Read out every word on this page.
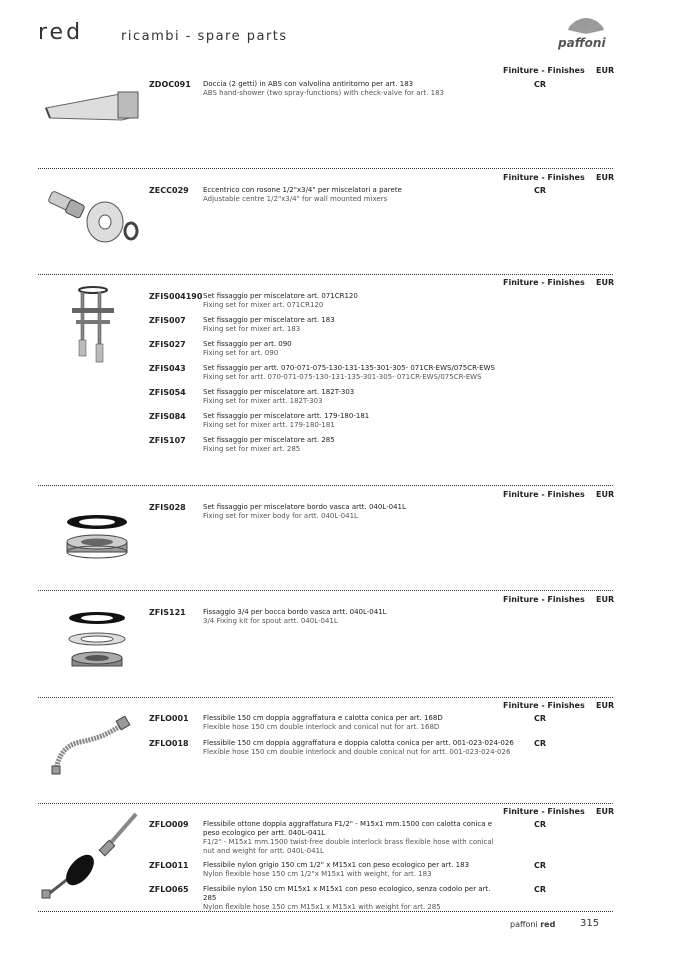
red	ricambi - spare parts	paffoni
Finiture - Finishes EUR
ZDOC091 Doccia (2 getti) in ABS con valvolina antiritorno per art. 183
ABS hand-shower (two spray-functions) with check-valve for art. 183
CR
Finiture - Finishes EUR
ZECC029 Eccentrico con rosone 1/2"x3/4" per miscelatori a parete
Adjustable centre 1/2"x3/4" for wall mounted mixers
CR
Finiture - Finishes EUR
ZFIS004190 Set fissaggio per miscelatore art. 071CR120
Fixing set for mixer art. 071CR120
ZFIS007 Set fissaggio per miscelatore art. 183
Fixing set for mixer art. 183
ZFIS027 Set fissaggio per art. 090
Fixing set for art. 090
ZFIS043 Set fissaggio per artt. 070-071-075-130-131-135-301-305- 071CR-EWS/075CR-EWS
Fixing set for artt. 070-071-075-130-131-135-301-305- 071CR-EWS/075CR-EWS
ZFIS054 Set fissaggio per miscelatore art. 182T-303
Fixing set for mixer artt. 182T-303
ZFIS084 Set fissaggio per miscelatore artt. 179-180-181
Fixing set for mixer artt. 179-180-181
ZFIS107 Set fissaggio per miscelatore art. 285
Fixing set for mixer art. 285
Finiture - Finishes EUR
ZFIS028 Set fissaggio per miscelatore bordo vasca artt. 040L-041L
Fixing set for mixer body for artt. 040L-041L
Finiture - Finishes EUR
ZFIS121 Fissaggio 3/4 per bocca bordo vasca artt. 040L-041L
3/4 Fixing kit for spout artt. 040L-041L
Finiture - Finishes EUR
ZFLO001 Flessibile 150 cm doppia aggraffatura e calotta conica per art. 168D
Flexible hose 150 cm double interlock and conical nut for art. 168D
CR
ZFLO018 Flessibile 150 cm doppia aggraffatura e doppia calotta conica per artt. 001-023-024-026
Flexible hose 150 cm double interlock and double conical nut for artt. 001-023-024-026
CR
Finiture - Finishes EUR
ZFLO009 Flessibile ottone doppia aggraffatura F1/2" - M15x1 mm.1500 con calotta conica e peso ecologico per artt. 040L-041L
F1/2" - M15x1 mm.1500 twist-free double interlock brass flexible hose with conical nut and weight for artt. 040L-041L
CR
ZFLO011 Flessibile nylon grigio 150 cm 1/2" x M15x1 con peso ecologico per art. 183
Nylon flexible hose 150 cm 1/2"x M15x1 with weight, for art. 183
CR
ZFLO065 Flessibile nylon 150 cm M15x1 x M15x1 con peso ecologico, senza codolo per art. 285
Nylon flexible hose 150 cm M15x1 x M15x1 with weight for art. 285
CR
paffoni red 315
